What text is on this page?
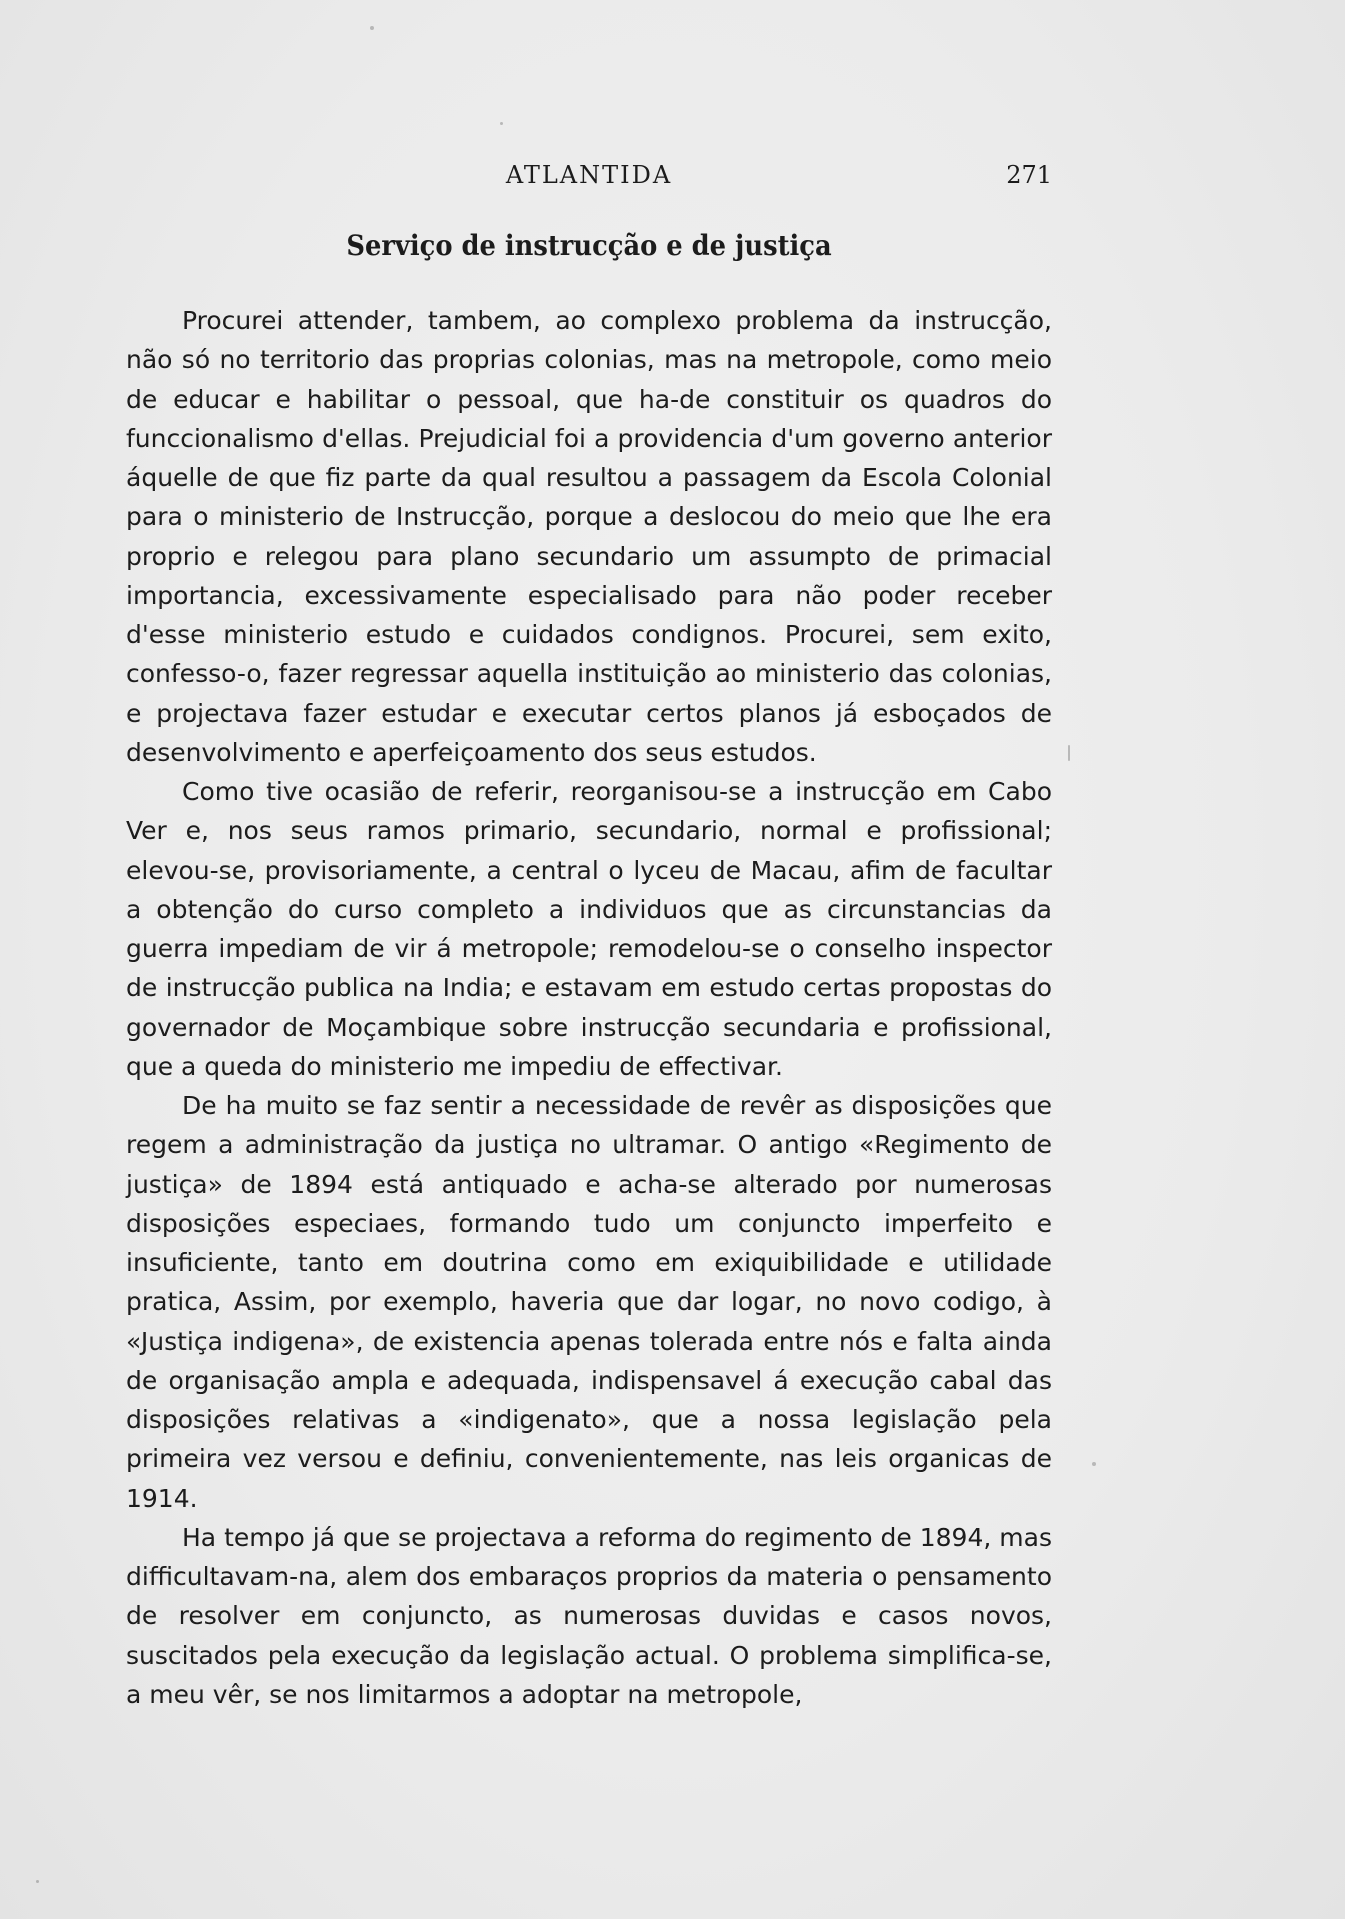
ATLANTIDA	271
Serviço de instrucção e de justiça

Procurei attender, tambem, ao complexo problema da instrucção, não só no territorio das proprias colonias, mas na metropole, como meio de educar e habilitar o pessoal, que ha-de constituir os quadros do funccionalismo d'ellas. Prejudicial foi a providencia d'um governo anterior áquelle de que fiz parte da qual resultou a passagem da Escola Colonial para o ministerio de Instrucção, porque a deslocou do meio que lhe era proprio e relegou para plano secundario um assumpto de primacial importancia, excessivamente especialisado para não poder receber d'esse ministerio estudo e cuidados condignos. Procurei, sem exito, confesso-o, fazer regressar aquella instituição ao ministerio das colonias, e projectava fazer estudar e executar certos planos já esboçados de desenvolvimento e aperfeiçoamento dos seus estudos.

Como tive ocasião de referir, reorganisou-se a instrucção em Cabo Ver e, nos seus ramos primario, secundario, normal e profissional; elevou-se, provisoriamente, a central o lyceu de Macau, afim de facultar a obtenção do curso completo a individuos que as circunstancias da guerra impediam de vir á metropole; remodelou-se o conselho inspector de instrucção publica na India; e estavam em estudo certas propostas do governador de Moçambique sobre instrucção secundaria e profissional, que a queda do ministerio me impediu de effectivar.

De ha muito se faz sentir a necessidade de revêr as disposições que regem a administração da justiça no ultramar. O antigo «Regimento de justiça» de 1894 está antiquado e acha-se alterado por numerosas disposições especiaes, formando tudo um conjuncto imperfeito e insuficiente, tanto em doutrina como em exiquibilidade e utilidade pratica, Assim, por exemplo, haveria que dar logar, no novo codigo, à «Justiça indigena», de existencia apenas tolerada entre nós e falta ainda de organisação ampla e adequada, indispensavel á execução cabal das disposições relativas a «indigenato», que a nossa legislação pela primeira vez versou e definiu, convenientemente, nas leis organicas de 1914.

Ha tempo já que se projectava a reforma do regimento de 1894, mas difficultavam-na, alem dos embaraços proprios da materia o pensamento de resolver em conjuncto, as numerosas duvidas e casos novos, suscitados pela execução da legislação actual. O problema simplifica-se, a meu vêr, se nos limitarmos a adoptar na metropole,
